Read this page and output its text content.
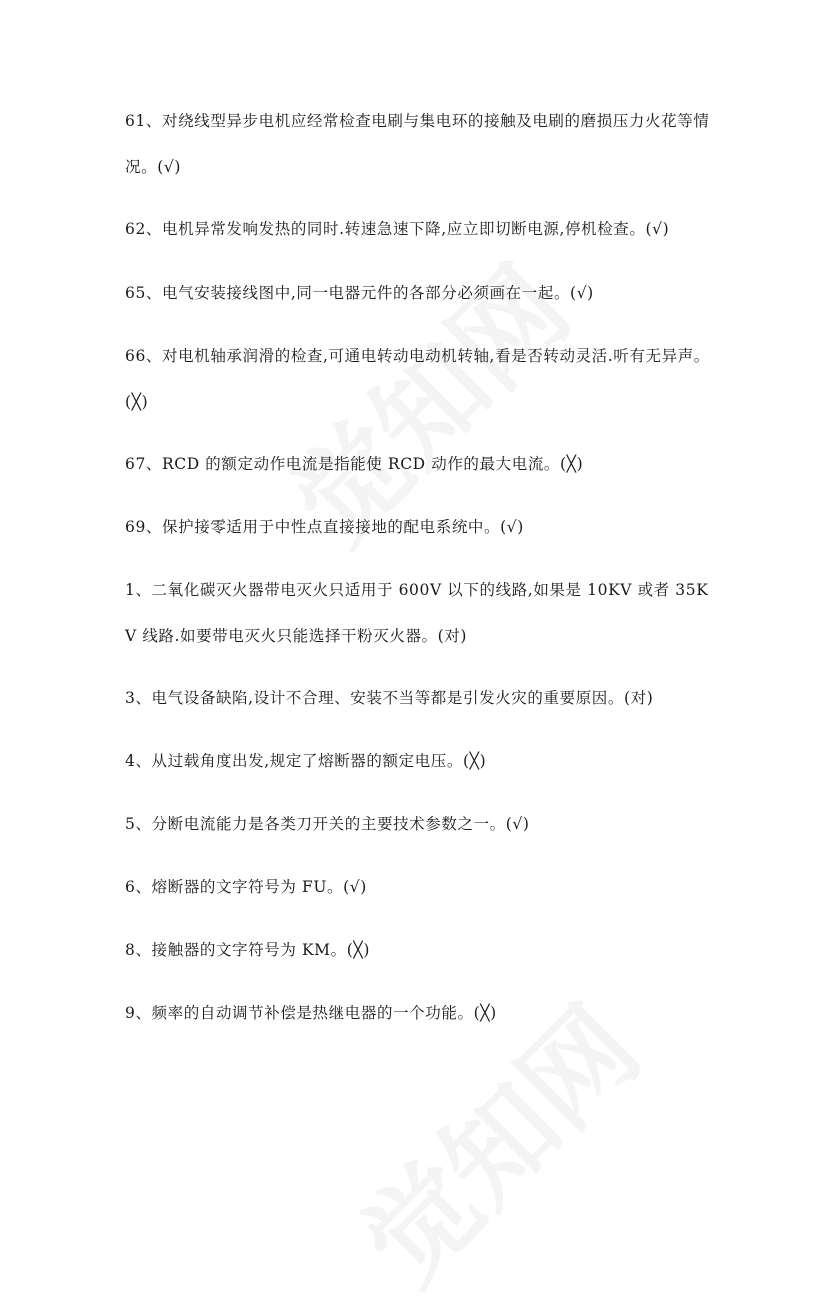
61、对绕线型异步电机应经常检查电刷与集电环的接触及电刷的磨损压力火花等情况。(√)
62、电机异常发响发热的同时.转速急速下降,应立即切断电源,停机检查。(√)
65、电气安装接线图中,同一电器元件的各部分必须画在一起。(√)
66、对电机轴承润滑的检查,可通电转动电动机转轴,看是否转动灵活.听有无异声。(╳)
67、RCD 的额定动作电流是指能使 RCD 动作的最大电流。(╳)
69、保护接零适用于中性点直接接地的配电系统中。(√)
1、二氧化碳灭火器带电灭火只适用于 600V 以下的线路,如果是 10KV 或者 35KV 线路.如要带电灭火只能选择干粉灭火器。(对)
3、电气设备缺陷,设计不合理、安装不当等都是引发火灾的重要原因。(对)
4、从过载角度出发,规定了熔断器的额定电压。(╳)
5、分断电流能力是各类刀开关的主要技术参数之一。(√)
6、熔断器的文字符号为 FU。(√)
8、接触器的文字符号为 KM。(╳)
9、频率的自动调节补偿是热继电器的一个功能。(╳)
